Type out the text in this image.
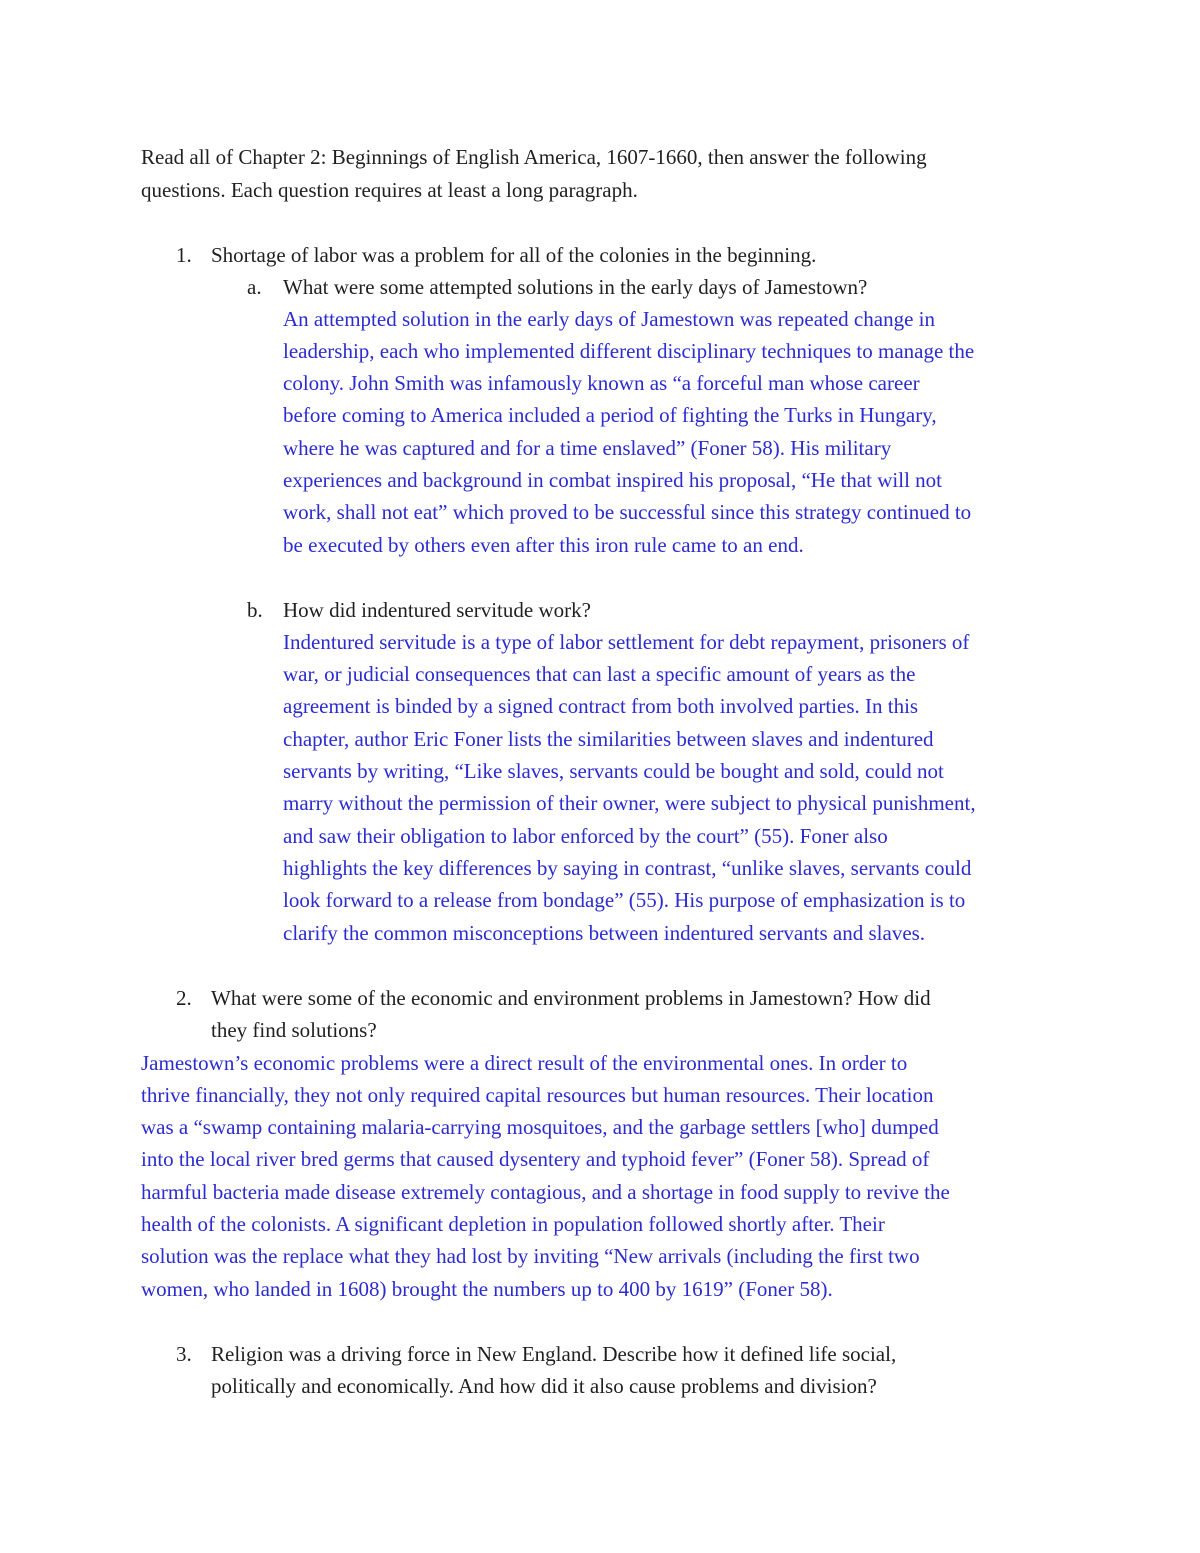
Read all of Chapter 2: Beginnings of English America, 1607-1660, then answer the following
questions. Each question requires at least a long paragraph.
1. Shortage of labor was a problem for all of the colonies in the beginning.
a. What were some attempted solutions in the early days of Jamestown?
An attempted solution in the early days of Jamestown was repeated change in
leadership, each who implemented different disciplinary techniques to manage the
colony. John Smith was infamously known as “a forceful man whose career
before coming to America included a period of fighting the Turks in Hungary,
where he was captured and for a time enslaved” (Foner 58). His military
experiences and background in combat inspired his proposal, “He that will not
work, shall not eat” which proved to be successful since this strategy continued to
be executed by others even after this iron rule came to an end.
b. How did indentured servitude work?
Indentured servitude is a type of labor settlement for debt repayment, prisoners of
war, or judicial consequences that can last a specific amount of years as the
agreement is binded by a signed contract from both involved parties. In this
chapter, author Eric Foner lists the similarities between slaves and indentured
servants by writing, “Like slaves, servants could be bought and sold, could not
marry without the permission of their owner, were subject to physical punishment,
and saw their obligation to labor enforced by the court” (55). Foner also
highlights the key differences by saying in contrast, “unlike slaves, servants could
look forward to a release from bondage” (55). His purpose of emphasization is to
clarify the common misconceptions between indentured servants and slaves.
2. What were some of the economic and environment problems in Jamestown? How did
they find solutions?
Jamestown’s economic problems were a direct result of the environmental ones. In order to
thrive financially, they not only required capital resources but human resources. Their location
was a “swamp containing malaria-carrying mosquitoes, and the garbage settlers [who] dumped
into the local river bred germs that caused dysentery and typhoid fever” (Foner 58). Spread of
harmful bacteria made disease extremely contagious, and a shortage in food supply to revive the
health of the colonists. A significant depletion in population followed shortly after. Their
solution was the replace what they had lost by inviting “New arrivals (including the first two
women, who landed in 1608) brought the numbers up to 400 by 1619” (Foner 58).
3. Religion was a driving force in New England. Describe how it defined life social,
politically and economically. And how did it also cause problems and division?
